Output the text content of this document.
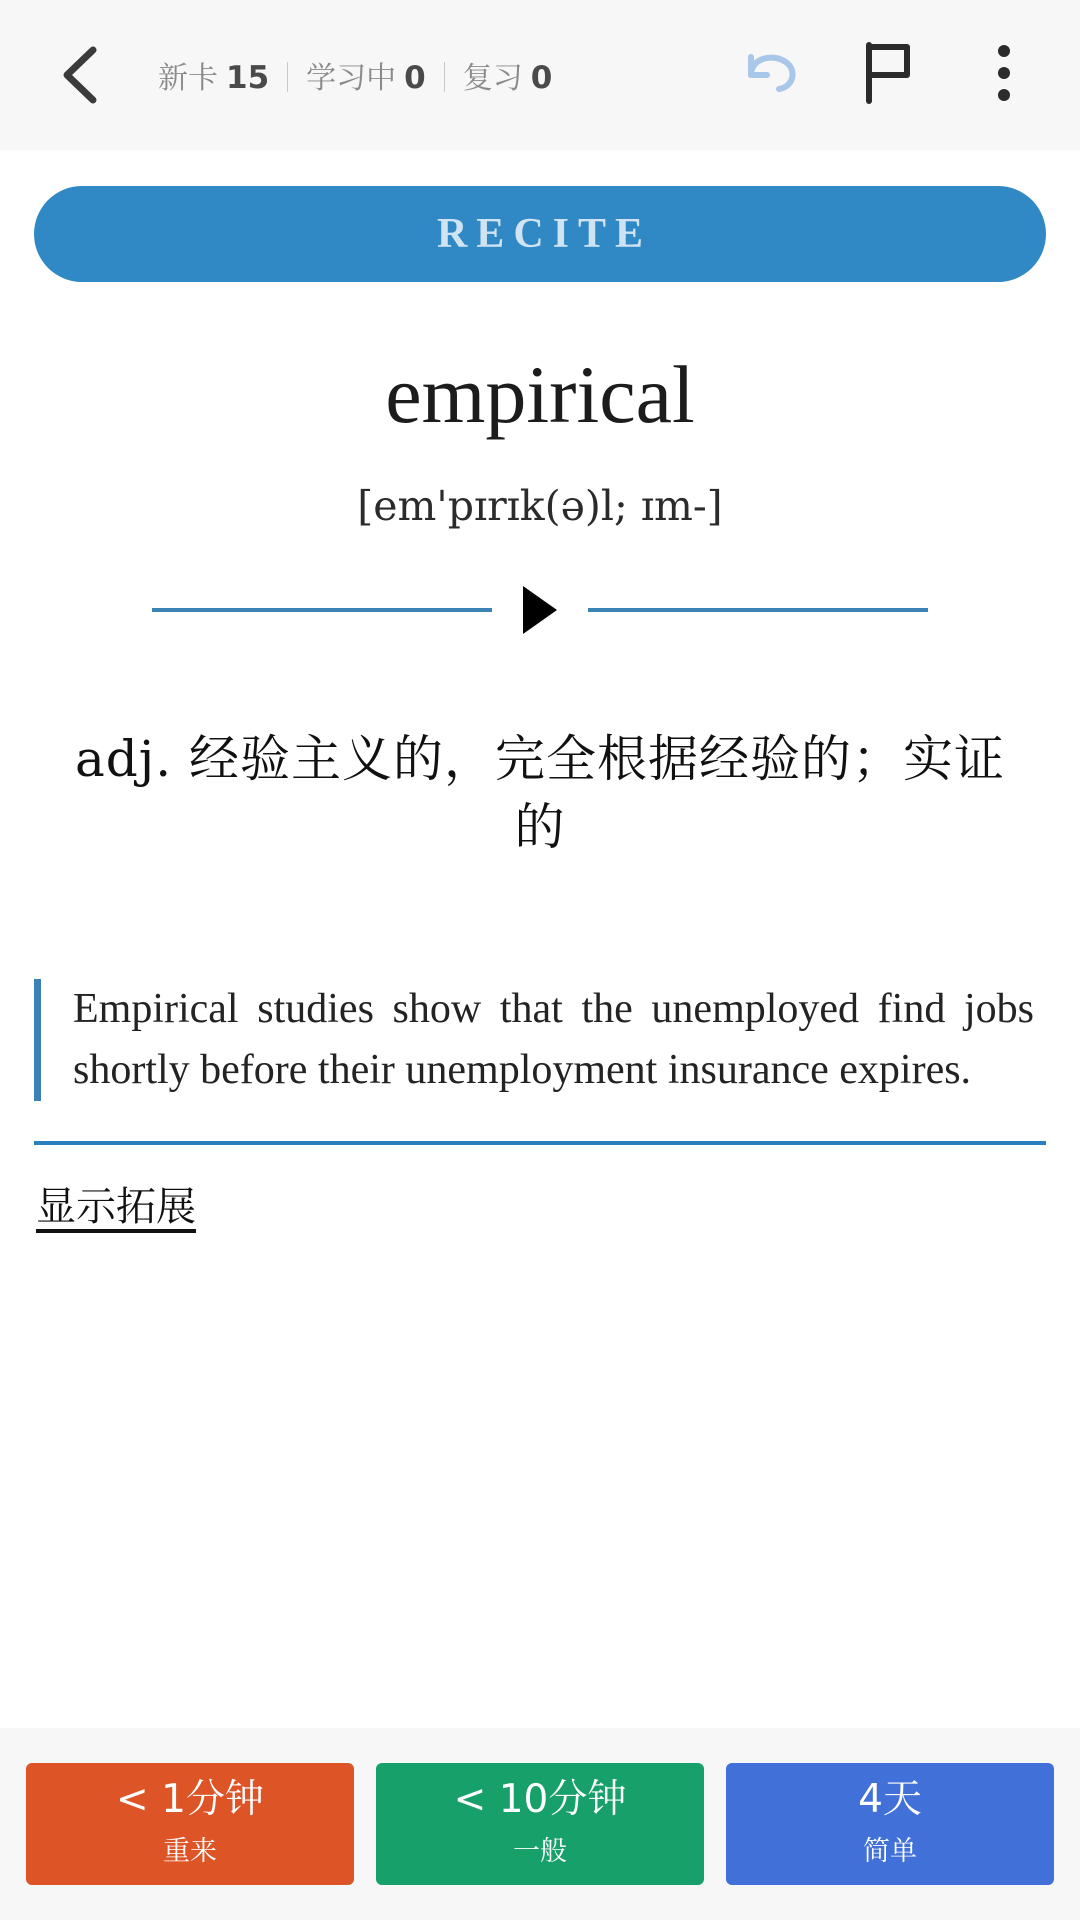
新卡 15 学习中 0 复习 0
RECITE
empirical
[em'pɪrɪk(ə)l; ɪm-]
adj. 经验主义的，完全根据经验的；实证的
Empirical studies show that the unemployed find jobs shortly before their unemployment insurance expires.
显示拓展
< 1分钟
重来
< 10分钟
一般
4天
简单
